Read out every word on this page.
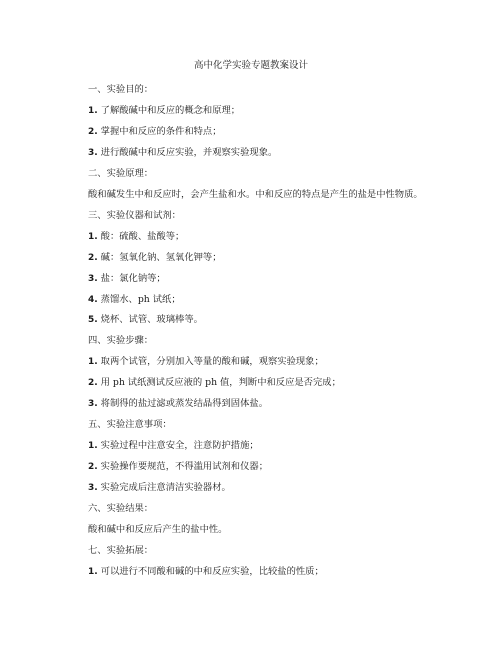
高中化学实验专题教案设计
一、实验目的：
1. 了解酸碱中和反应的概念和原理；
2. 掌握中和反应的条件和特点；
3. 进行酸碱中和反应实验，并观察实验现象。
二、实验原理：
酸和碱发生中和反应时，会产生盐和水。中和反应的特点是产生的盐是中性物质。
三、实验仪器和试剂：
1. 酸：硫酸、盐酸等；
2. 碱：氢氧化钠、氢氧化钾等；
3. 盐：氯化钠等；
4. 蒸馏水、ph 试纸；
5. 烧杯、试管、玻璃棒等。
四、实验步骤：
1. 取两个试管，分别加入等量的酸和碱，观察实验现象；
2. 用 ph 试纸测试反应液的 ph 值，判断中和反应是否完成；
3. 将制得的盐过滤或蒸发结晶得到固体盐。
五、实验注意事项：
1. 实验过程中注意安全，注意防护措施；
2. 实验操作要规范，不得滥用试剂和仪器；
3. 实验完成后注意清洁实验器材。
六、实验结果：
酸和碱中和反应后产生的盐中性。
七、实验拓展：
1. 可以进行不同酸和碱的中和反应实验，比较盐的性质；
